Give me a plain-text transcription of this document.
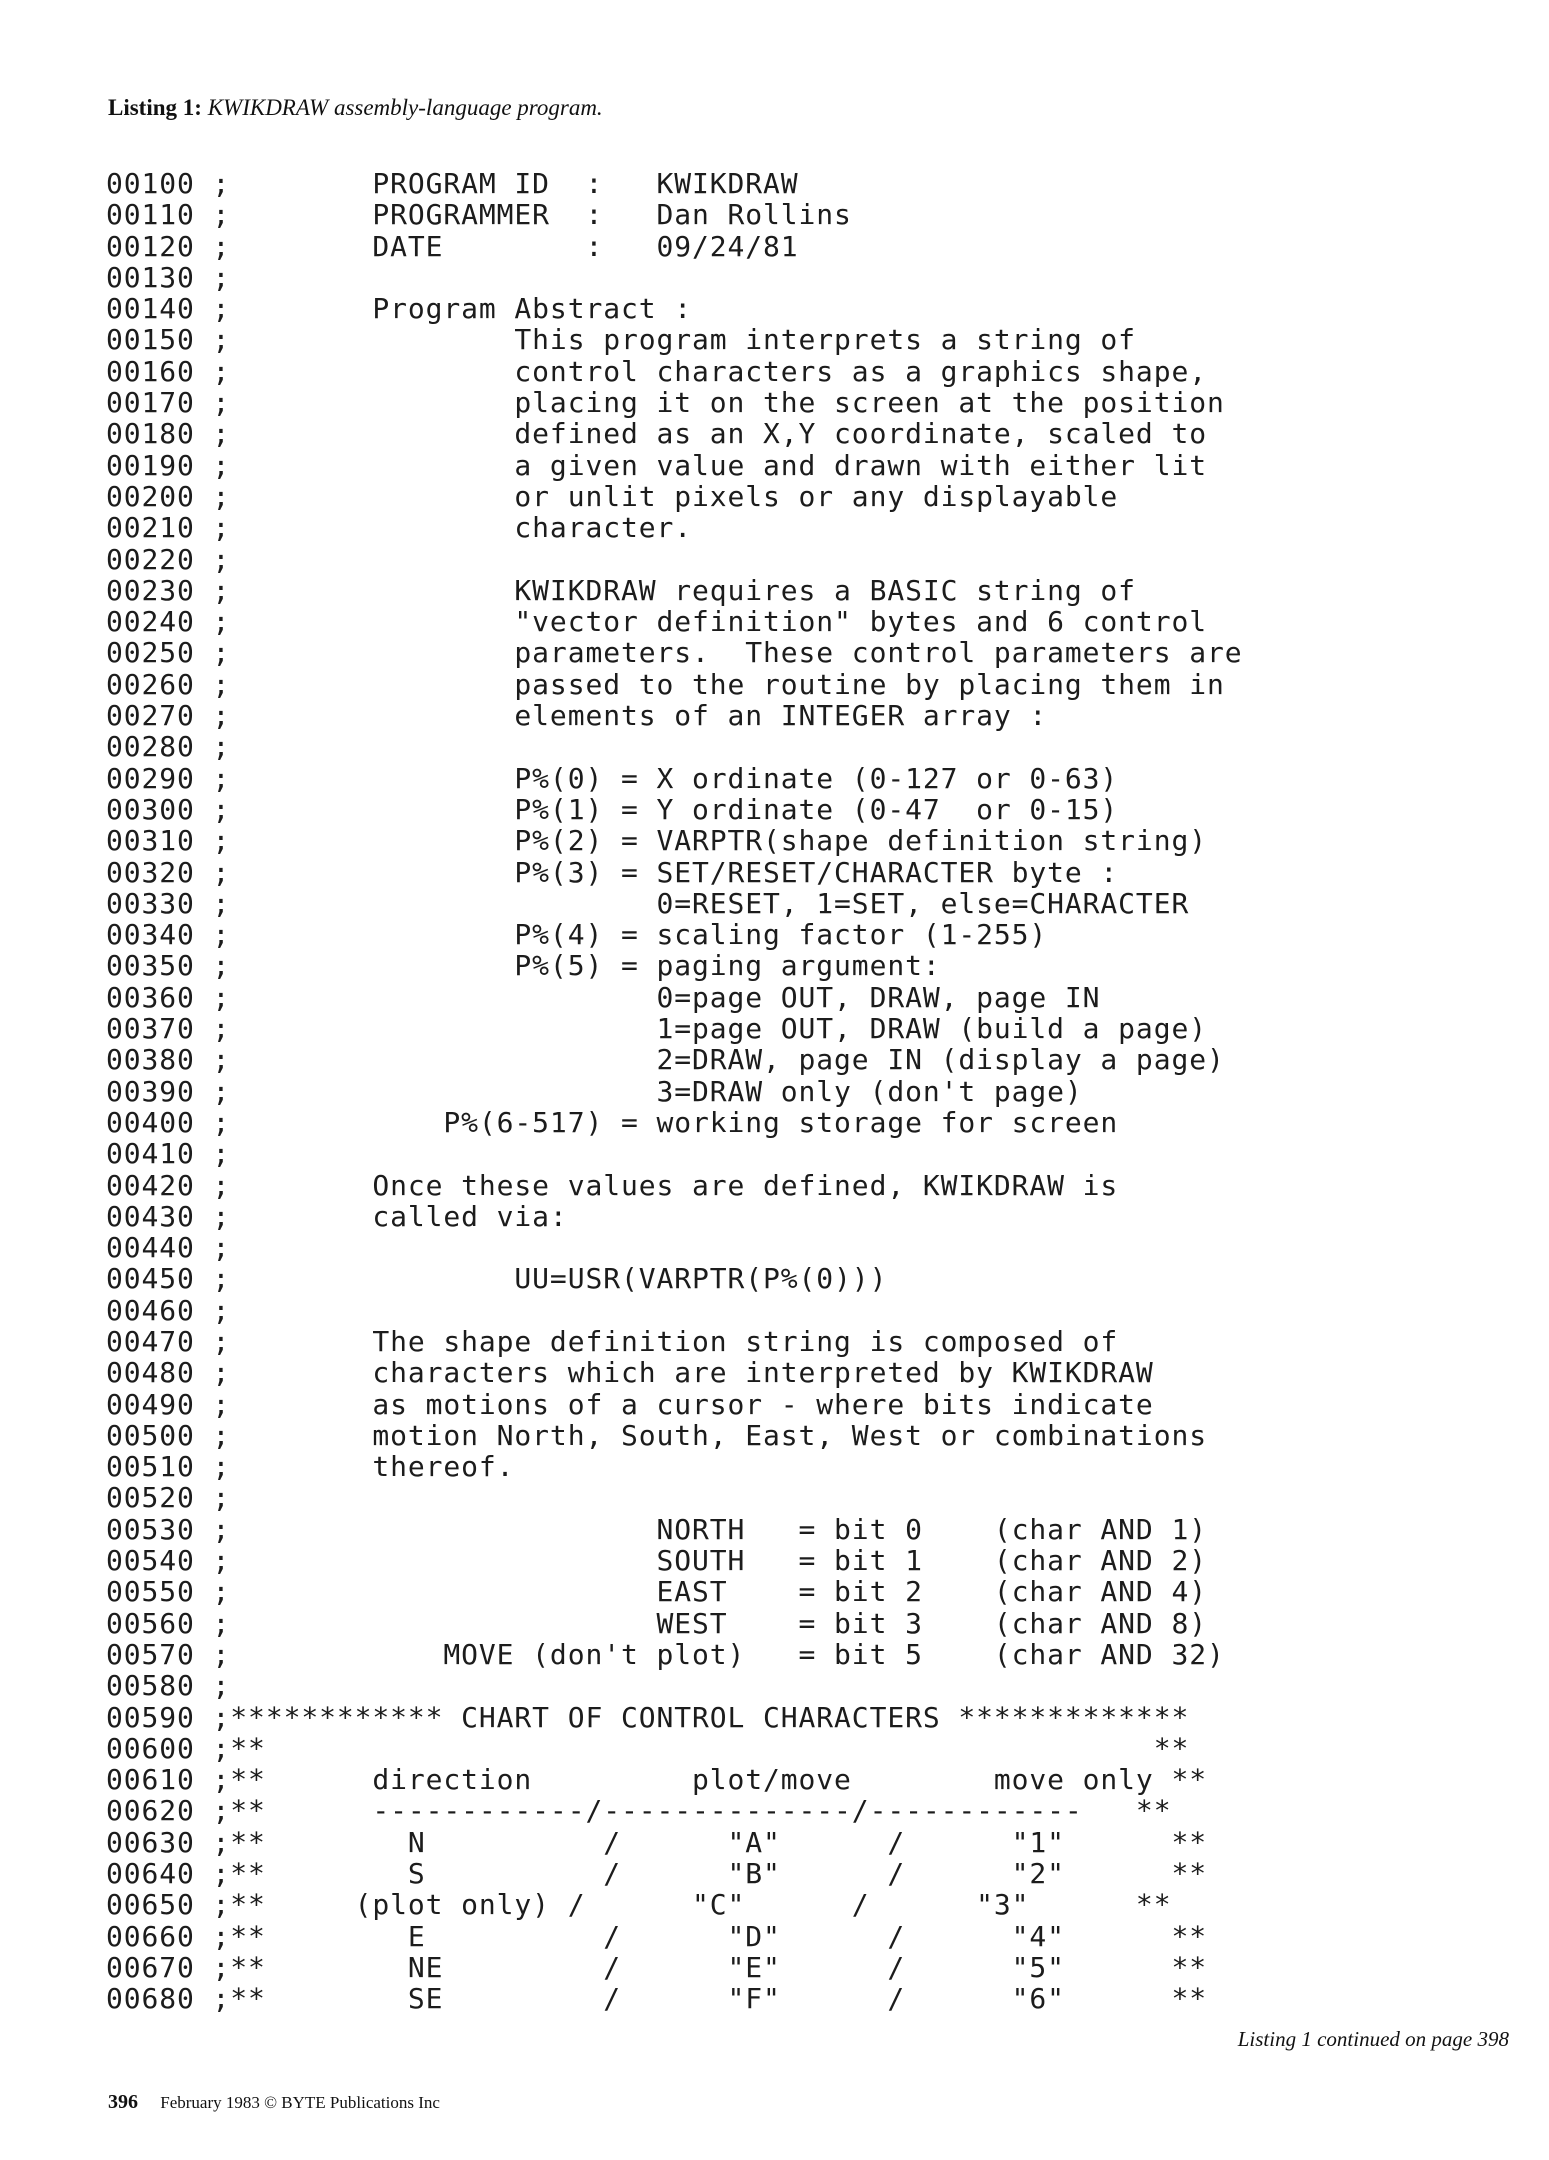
Listing 1: KWIKDRAW assembly-language program.
00100 ;        PROGRAM ID  :   KWIKDRAW
00110 ;        PROGRAMMER  :   Dan Rollins
00120 ;        DATE        :   09/24/81
00130 ;
00140 ;        Program Abstract :
00150 ;                This program interprets a string of
00160 ;                control characters as a graphics shape,
00170 ;                placing it on the screen at the position
00180 ;                defined as an X,Y coordinate, scaled to
00190 ;                a given value and drawn with either lit
00200 ;                or unlit pixels or any displayable
00210 ;                character.
00220 ;
00230 ;                KWIKDRAW requires a BASIC string of
00240 ;                "vector definition" bytes and 6 control
00250 ;                parameters.  These control parameters are
00260 ;                passed to the routine by placing them in
00270 ;                elements of an INTEGER array :
00280 ;
00290 ;                P%(0) = X ordinate (0-127 or 0-63)
00300 ;                P%(1) = Y ordinate (0-47  or 0-15)
00310 ;                P%(2) = VARPTR(shape definition string)
00320 ;                P%(3) = SET/RESET/CHARACTER byte :
00330 ;                        0=RESET, 1=SET, else=CHARACTER
00340 ;                P%(4) = scaling factor (1-255)
00350 ;                P%(5) = paging argument:
00360 ;                        0=page OUT, DRAW, page IN
00370 ;                        1=page OUT, DRAW (build a page)
00380 ;                        2=DRAW, page IN (display a page)
00390 ;                        3=DRAW only (don't page)
00400 ;            P%(6-517) = working storage for screen
00410 ;
00420 ;        Once these values are defined, KWIKDRAW is
00430 ;        called via:
00440 ;
00450 ;                UU=USR(VARPTR(P%(0)))
00460 ;
00470 ;        The shape definition string is composed of
00480 ;        characters which are interpreted by KWIKDRAW
00490 ;        as motions of a cursor - where bits indicate
00500 ;        motion North, South, East, West or combinations
00510 ;        thereof.
00520 ;
00530 ;                        NORTH   = bit 0    (char AND 1)
00540 ;                        SOUTH   = bit 1    (char AND 2)
00550 ;                        EAST    = bit 2    (char AND 4)
00560 ;                        WEST    = bit 3    (char AND 8)
00570 ;            MOVE (don't plot)   = bit 5    (char AND 32)
00580 ;
00590 ;************ CHART OF CONTROL CHARACTERS *************
00600 ;**                                                  **
00610 ;**      direction         plot/move        move only **
00620 ;**      ------------/--------------/------------   **
00630 ;**        N          /      "A"      /      "1"      **
00640 ;**        S          /      "B"      /      "2"      **
00650 ;**     (plot only) /      "C"      /      "3"      **
00660 ;**        E          /      "D"      /      "4"      **
00670 ;**        NE         /      "E"      /      "5"      **
00680 ;**        SE         /      "F"      /      "6"      **
Listing 1 continued on page 398
396 February 1983 © BYTE Publications Inc
